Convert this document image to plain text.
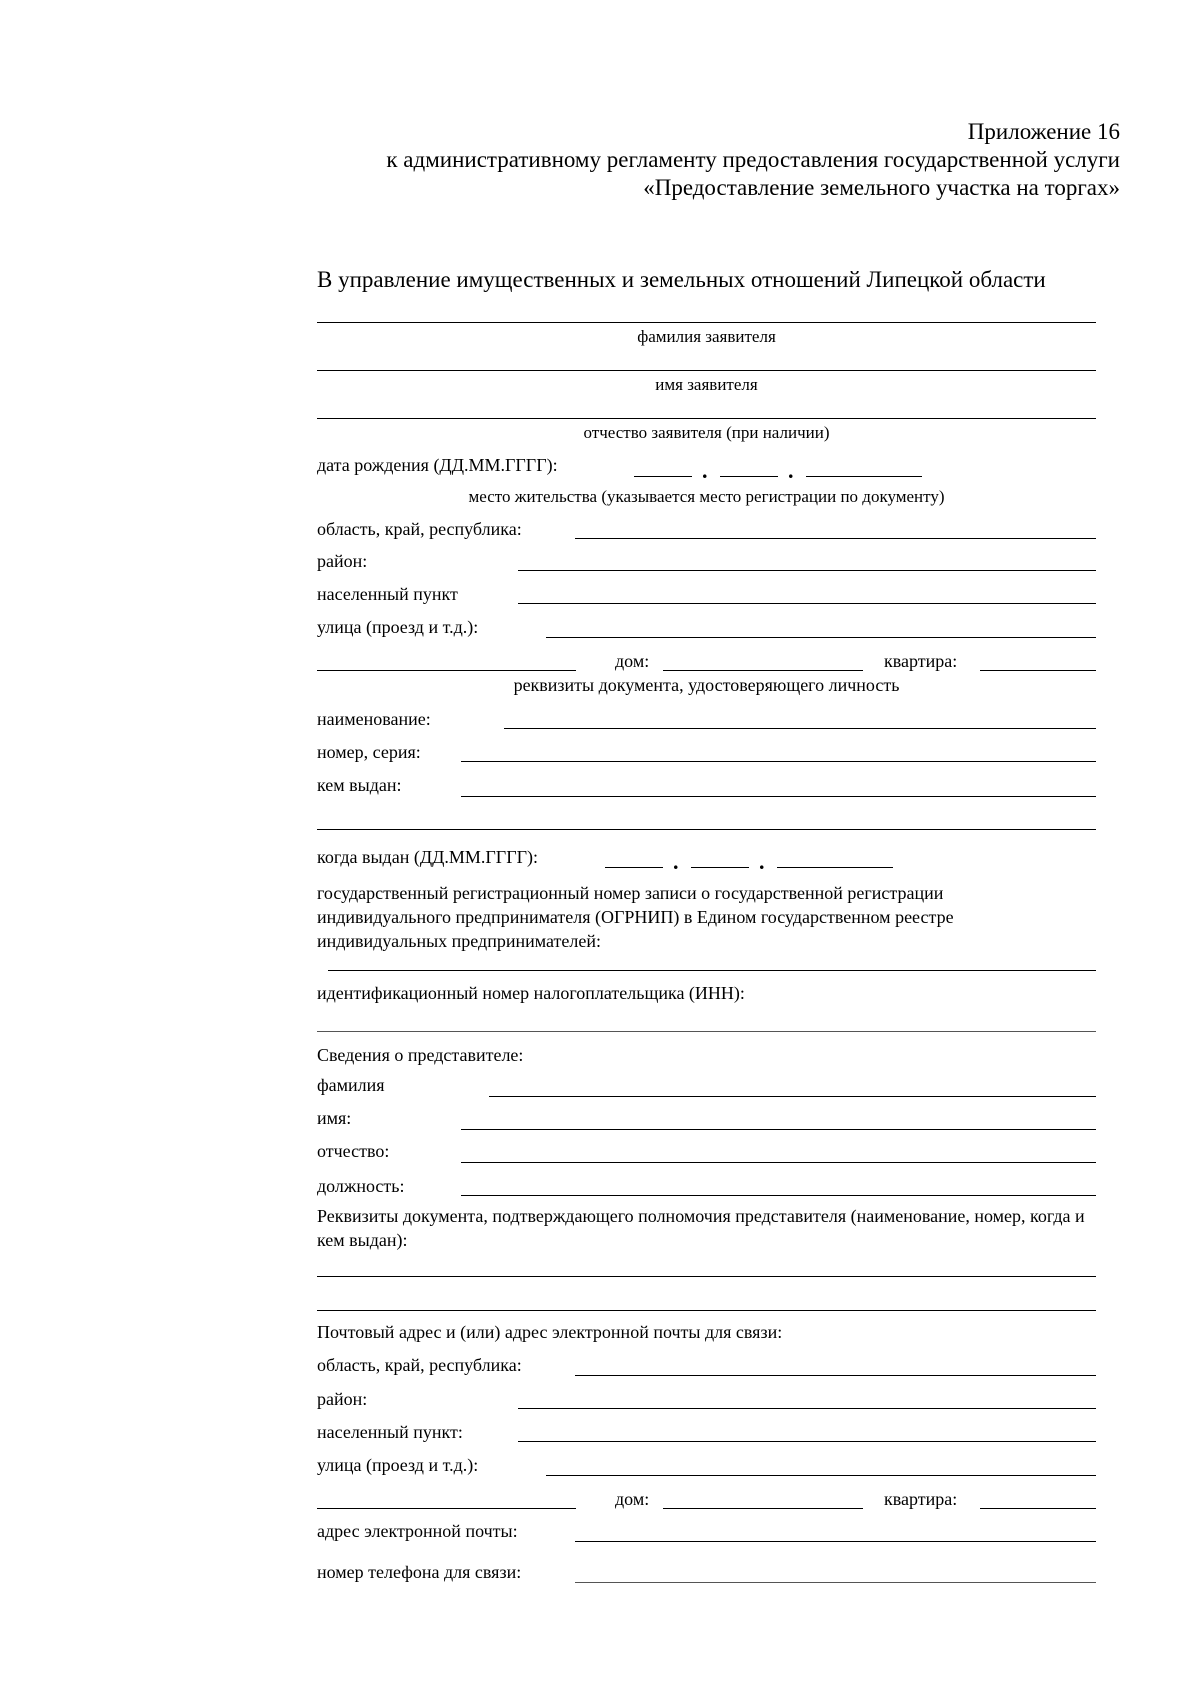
Приложение 16
к административному регламенту предоставления государственной услуги
«Предоставление земельного участка на торгах»
В управление имущественных и земельных отношений Липецкой области
фамилия заявителя
имя заявителя
отчество заявителя (при наличии)
дата рождения (ДД.ММ.ГГГГ):	.	.
место жительства (указывается место регистрации по документу)
область, край, республика:
район:
населенный пункт
улица (проезд и т.д.):
дом:	квартира:
реквизиты документа, удостоверяющего личность
наименование:
номер, серия:
кем выдан:
когда выдан (ДД.ММ.ГГГГ):	.	.
государственный регистрационный номер записи о государственной регистрации индивидуального предпринимателя (ОГРНИП) в Едином государственном реестре индивидуальных предпринимателей:
идентификационный номер налогоплательщика (ИНН):
Сведения о представителе:
фамилия
имя:
отчество:
должность:
Реквизиты документа, подтверждающего полномочия представителя (наименование, номер, когда и кем выдан):
Почтовый адрес и (или) адрес электронной почты для связи:
область, край, республика:
район:
населенный пункт:
улица (проезд и т.д.):
дом:	квартира:
адрес электронной почты:
номер телефона для связи:
